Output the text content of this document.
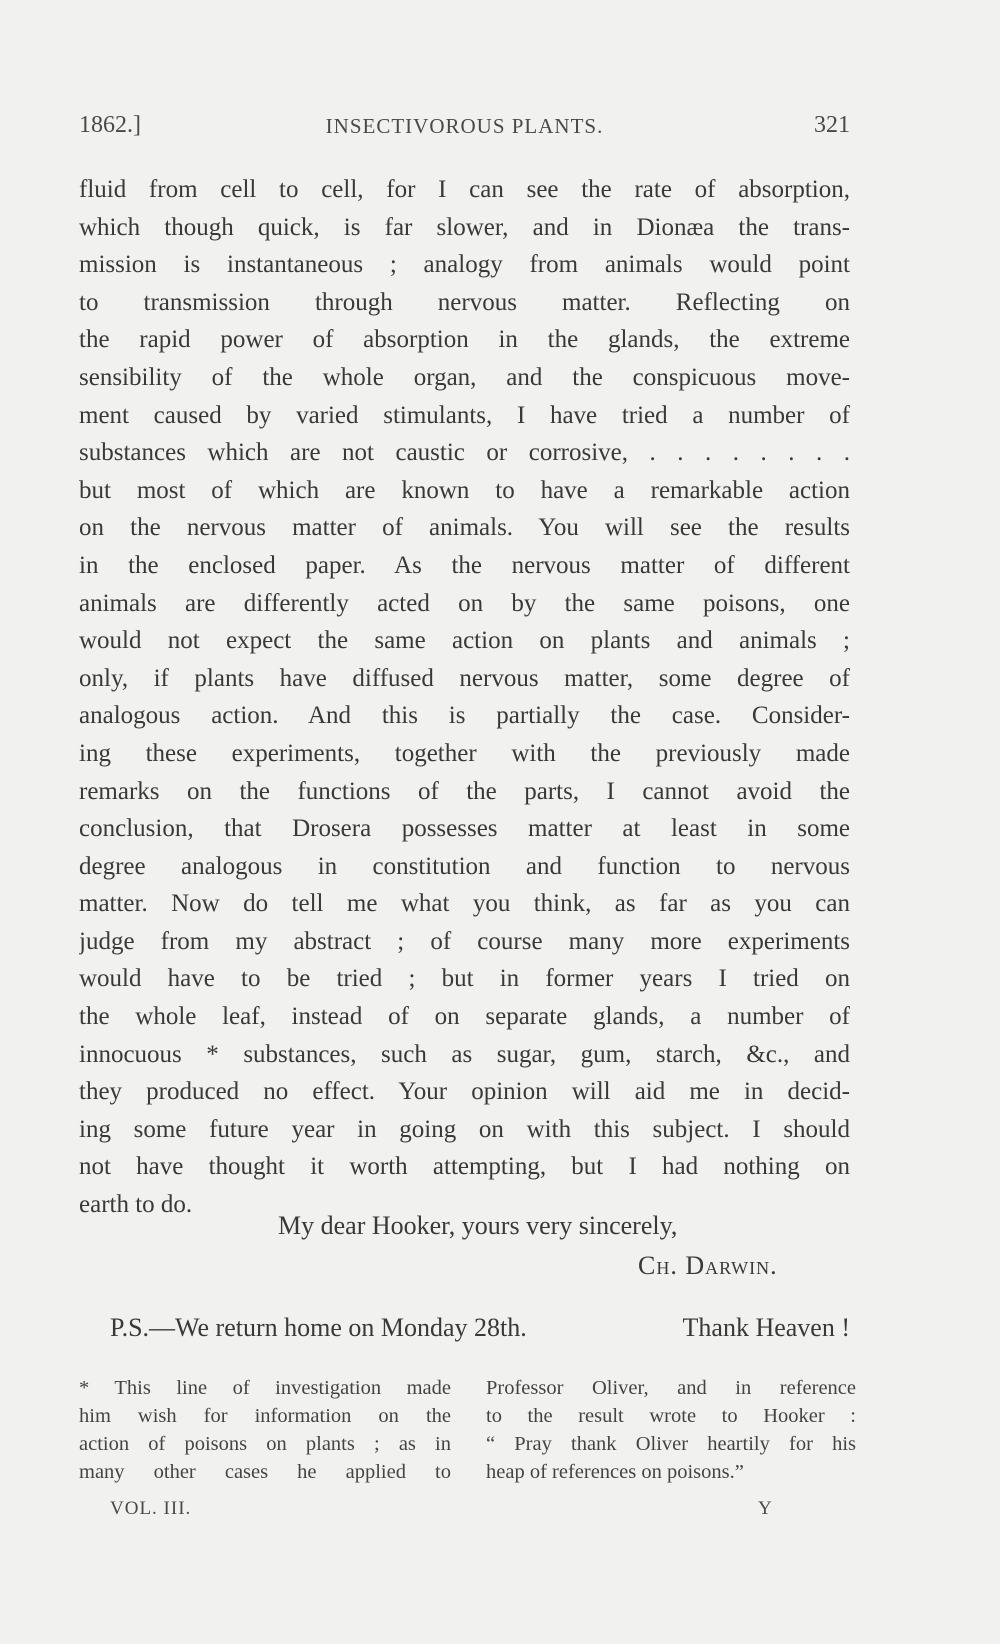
1862.]	INSECTIVOROUS PLANTS.	321
fluid from cell to cell, for I can see the rate of absorption,
which though quick, is far slower, and in Dionæa the trans-
mission is instantaneous ; analogy from animals would point
to transmission through nervous matter. Reflecting on
the rapid power of absorption in the glands, the extreme
sensibility of the whole organ, and the conspicuous move-
ment caused by varied stimulants, I have tried a number of
substances which are not caustic or corrosive, . . . . . . . .
but most of which are known to have a remarkable action
on the nervous matter of animals. You will see the results
in the enclosed paper. As the nervous matter of different
animals are differently acted on by the same poisons, one
would not expect the same action on plants and animals ;
only, if plants have diffused nervous matter, some degree of
analogous action. And this is partially the case. Consider-
ing these experiments, together with the previously made
remarks on the functions of the parts, I cannot avoid the
conclusion, that Drosera possesses matter at least in some
degree analogous in constitution and function to nervous
matter. Now do tell me what you think, as far as you can
judge from my abstract ; of course many more experiments
would have to be tried ; but in former years I tried on
the whole leaf, instead of on separate glands, a number of
innocuous * substances, such as sugar, gum, starch, &c., and
they produced no effect. Your opinion will aid me in decid-
ing some future year in going on with this subject. I should
not have thought it worth attempting, but I had nothing on
earth to do.
My dear Hooker, yours very sincerely,
Ch. Darwin.
P.S.—We return home on Monday 28th.	Thank Heaven !
* This line of investigation made
him wish for information on the
action of poisons on plants ; as in
many other cases he applied to
Professor Oliver, and in reference
to the result wrote to Hooker :
“ Pray thank Oliver heartily for his
heap of references on poisons.”
VOL. III.	Y
